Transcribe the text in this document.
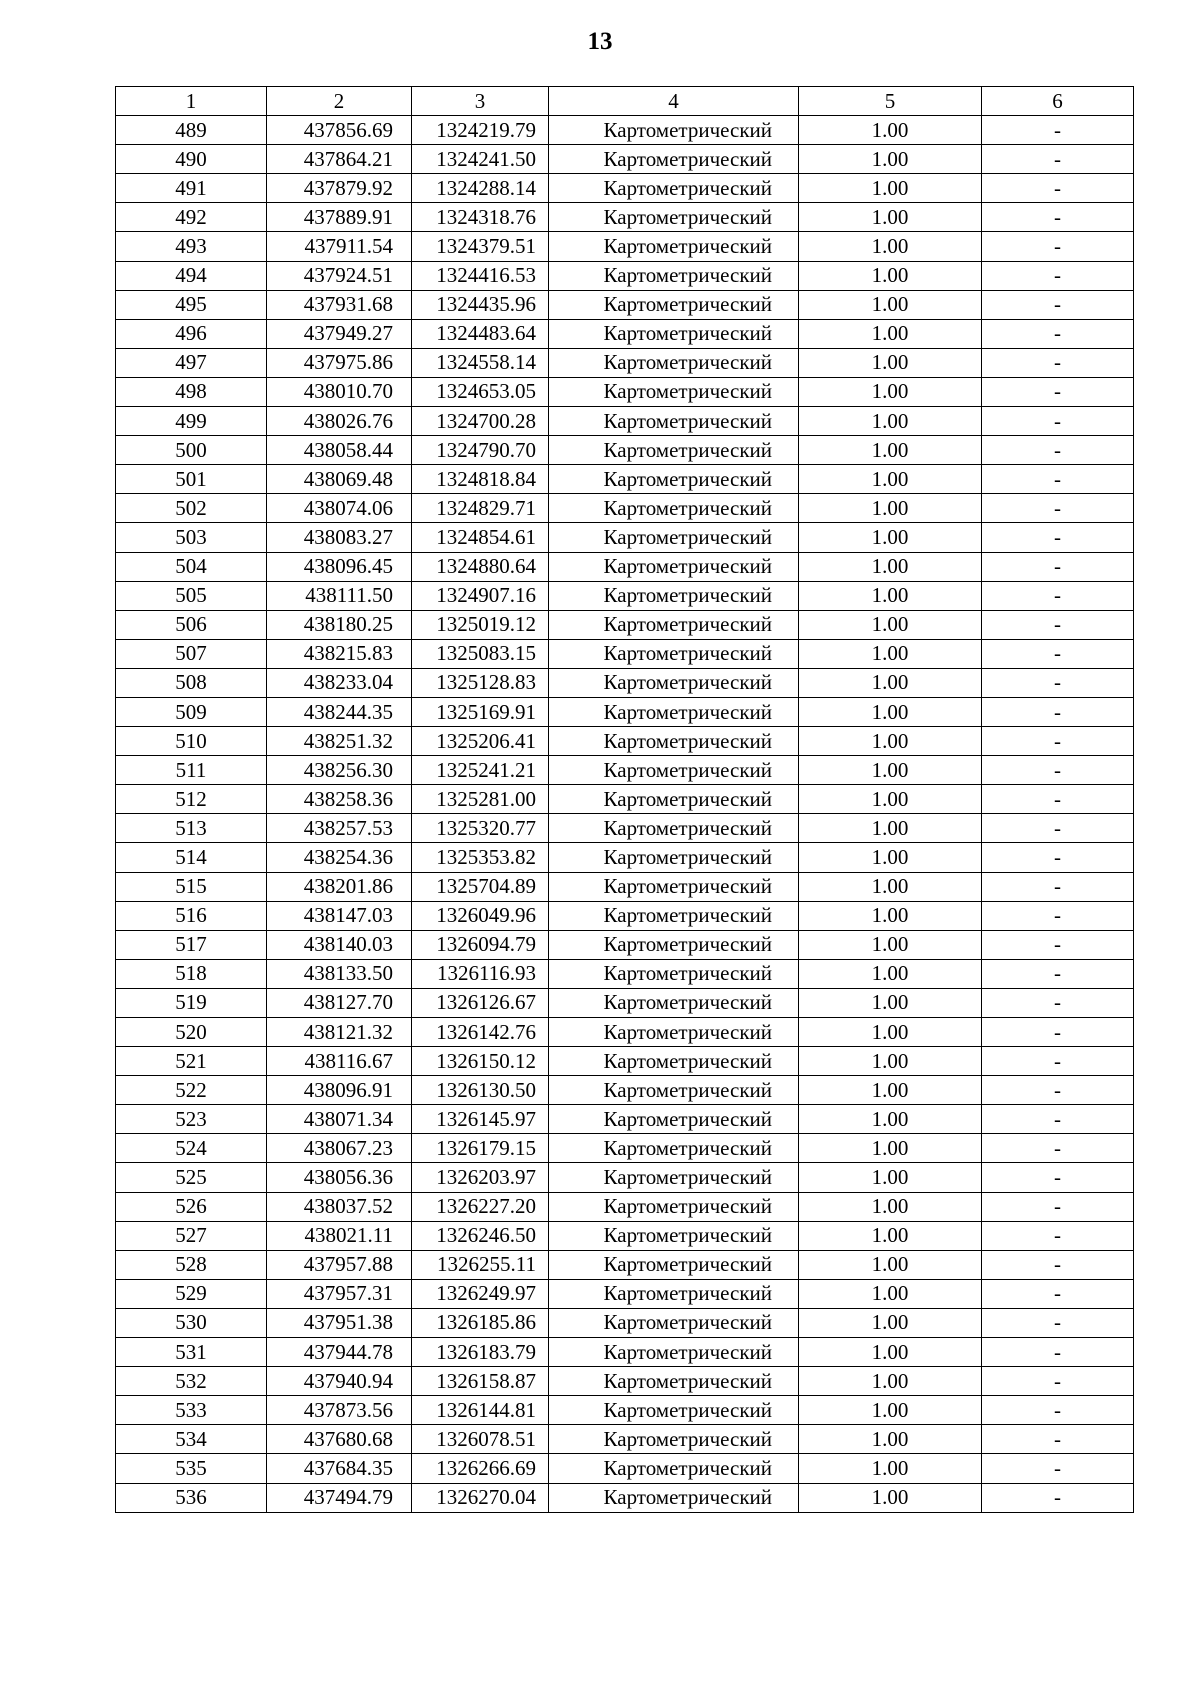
13
1	2	3	4	5	6
489	437856.69	1324219.79	Картометрический	1.00	-
490	437864.21	1324241.50	Картометрический	1.00	-
491	437879.92	1324288.14	Картометрический	1.00	-
492	437889.91	1324318.76	Картометрический	1.00	-
493	437911.54	1324379.51	Картометрический	1.00	-
494	437924.51	1324416.53	Картометрический	1.00	-
495	437931.68	1324435.96	Картометрический	1.00	-
496	437949.27	1324483.64	Картометрический	1.00	-
497	437975.86	1324558.14	Картометрический	1.00	-
498	438010.70	1324653.05	Картометрический	1.00	-
499	438026.76	1324700.28	Картометрический	1.00	-
500	438058.44	1324790.70	Картометрический	1.00	-
501	438069.48	1324818.84	Картометрический	1.00	-
502	438074.06	1324829.71	Картометрический	1.00	-
503	438083.27	1324854.61	Картометрический	1.00	-
504	438096.45	1324880.64	Картометрический	1.00	-
505	438111.50	1324907.16	Картометрический	1.00	-
506	438180.25	1325019.12	Картометрический	1.00	-
507	438215.83	1325083.15	Картометрический	1.00	-
508	438233.04	1325128.83	Картометрический	1.00	-
509	438244.35	1325169.91	Картометрический	1.00	-
510	438251.32	1325206.41	Картометрический	1.00	-
511	438256.30	1325241.21	Картометрический	1.00	-
512	438258.36	1325281.00	Картометрический	1.00	-
513	438257.53	1325320.77	Картометрический	1.00	-
514	438254.36	1325353.82	Картометрический	1.00	-
515	438201.86	1325704.89	Картометрический	1.00	-
516	438147.03	1326049.96	Картометрический	1.00	-
517	438140.03	1326094.79	Картометрический	1.00	-
518	438133.50	1326116.93	Картометрический	1.00	-
519	438127.70	1326126.67	Картометрический	1.00	-
520	438121.32	1326142.76	Картометрический	1.00	-
521	438116.67	1326150.12	Картометрический	1.00	-
522	438096.91	1326130.50	Картометрический	1.00	-
523	438071.34	1326145.97	Картометрический	1.00	-
524	438067.23	1326179.15	Картометрический	1.00	-
525	438056.36	1326203.97	Картометрический	1.00	-
526	438037.52	1326227.20	Картометрический	1.00	-
527	438021.11	1326246.50	Картометрический	1.00	-
528	437957.88	1326255.11	Картометрический	1.00	-
529	437957.31	1326249.97	Картометрический	1.00	-
530	437951.38	1326185.86	Картометрический	1.00	-
531	437944.78	1326183.79	Картометрический	1.00	-
532	437940.94	1326158.87	Картометрический	1.00	-
533	437873.56	1326144.81	Картометрический	1.00	-
534	437680.68	1326078.51	Картометрический	1.00	-
535	437684.35	1326266.69	Картометрический	1.00	-
536	437494.79	1326270.04	Картометрический	1.00	-
